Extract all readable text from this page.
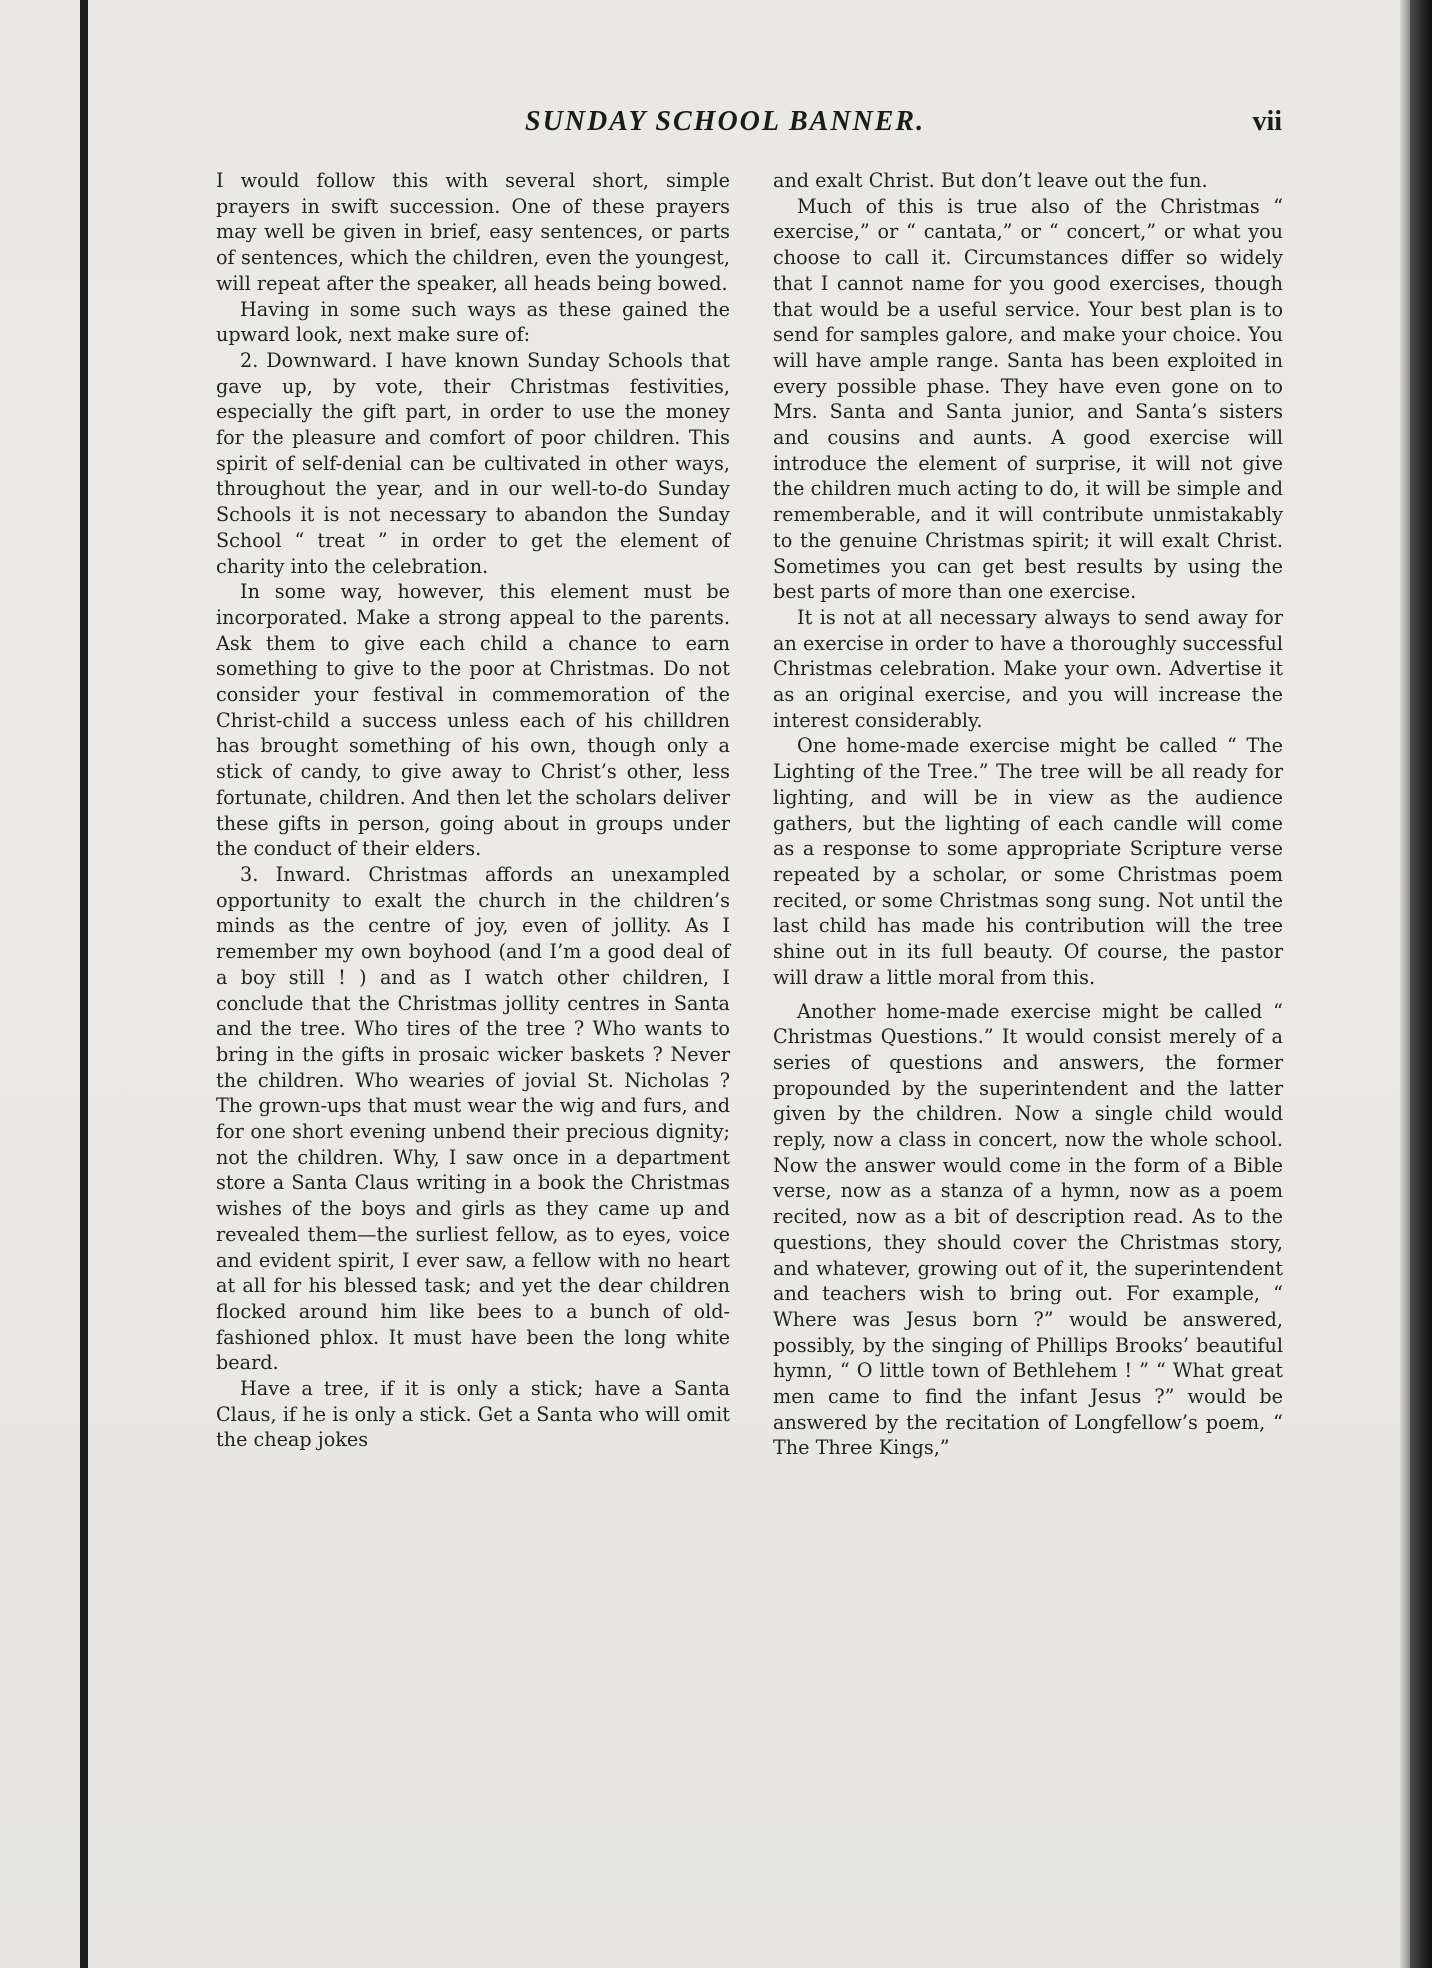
SUNDAY SCHOOL BANNER.	vii

I would follow this with several short, simple prayers in swift succession. One of these prayers may well be given in brief, easy sentences, or parts of sentences, which the children, even the youngest, will repeat after the speaker, all heads being bowed.

Having in some such ways as these gained the upward look, next make sure of:

2. Downward. I have known Sunday Schools that gave up, by vote, their Christmas festivities, especially the gift part, in order to use the money for the pleasure and comfort of poor children. This spirit of self-denial can be cultivated in other ways, throughout the year, and in our well-to-do Sunday Schools it is not necessary to abandon the Sunday School “ treat ” in order to get the element of charity into the celebration.

In some way, however, this element must be incorporated. Make a strong appeal to the parents. Ask them to give each child a chance to earn something to give to the poor at Christmas. Do not consider your festival in commemoration of the Christ-child a success unless each of his chilldren has brought something of his own, though only a stick of candy, to give away to Christ’s other, less fortunate, children. And then let the scholars deliver these gifts in person, going about in groups under the conduct of their elders.

3. Inward. Christmas affords an unexampled opportunity to exalt the church in the children’s minds as the centre of joy, even of jollity. As I remember my own boyhood (and I’m a good deal of a boy still ! ) and as I watch other children, I conclude that the Christmas jollity centres in Santa and the tree. Who tires of the tree ? Who wants to bring in the gifts in prosaic wicker baskets ? Never the children. Who wearies of jovial St. Nicholas ? The grown-ups that must wear the wig and furs, and for one short evening unbend their precious dignity; not the children. Why, I saw once in a department store a Santa Claus writing in a book the Christmas wishes of the boys and girls as they came up and revealed them—the surliest fellow, as to eyes, voice and evident spirit, I ever saw, a fellow with no heart at all for his blessed task; and yet the dear children flocked around him like bees to a bunch of old-fashioned phlox. It must have been the long white beard.

Have a tree, if it is only a stick; have a Santa Claus, if he is only a stick. Get a Santa who will omit the cheap jokes

and exalt Christ. But don’t leave out the fun.

Much of this is true also of the Christmas “ exercise,” or “ cantata,” or “ concert,” or what you choose to call it. Circumstances differ so widely that I cannot name for you good exercises, though that would be a useful service. Your best plan is to send for samples galore, and make your choice. You will have ample range. Santa has been exploited in every possible phase. They have even gone on to Mrs. Santa and Santa junior, and Santa’s sisters and cousins and aunts. A good exercise will introduce the element of surprise, it will not give the children much acting to do, it will be simple and rememberable, and it will contribute unmistakably to the genuine Christmas spirit; it will exalt Christ. Sometimes you can get best results by using the best parts of more than one exercise.

It is not at all necessary always to send away for an exercise in order to have a thoroughly successful Christmas celebration. Make your own. Advertise it as an original exercise, and you will increase the interest considerably.

One home-made exercise might be called “ The Lighting of the Tree.” The tree will be all ready for lighting, and will be in view as the audience gathers, but the lighting of each candle will come as a response to some appropriate Scripture verse repeated by a scholar, or some Christmas poem recited, or some Christmas song sung. Not until the last child has made his contribution will the tree shine out in its full beauty. Of course, the pastor will draw a little moral from this.

Another home-made exercise might be called “ Christmas Questions.” It would consist merely of a series of questions and answers, the former propounded by the superintendent and the latter given by the children. Now a single child would reply, now a class in concert, now the whole school. Now the answer would come in the form of a Bible verse, now as a stanza of a hymn, now as a poem recited, now as a bit of description read. As to the questions, they should cover the Christmas story, and whatever, growing out of it, the superintendent and teachers wish to bring out. For example, “ Where was Jesus born ?” would be answered, possibly, by the singing of Phillips Brooks’ beautiful hymn, “ O little town of Bethlehem ! ” “ What great men came to find the infant Jesus ?” would be answered by the recitation of Longfellow’s poem, “ The Three Kings,”
